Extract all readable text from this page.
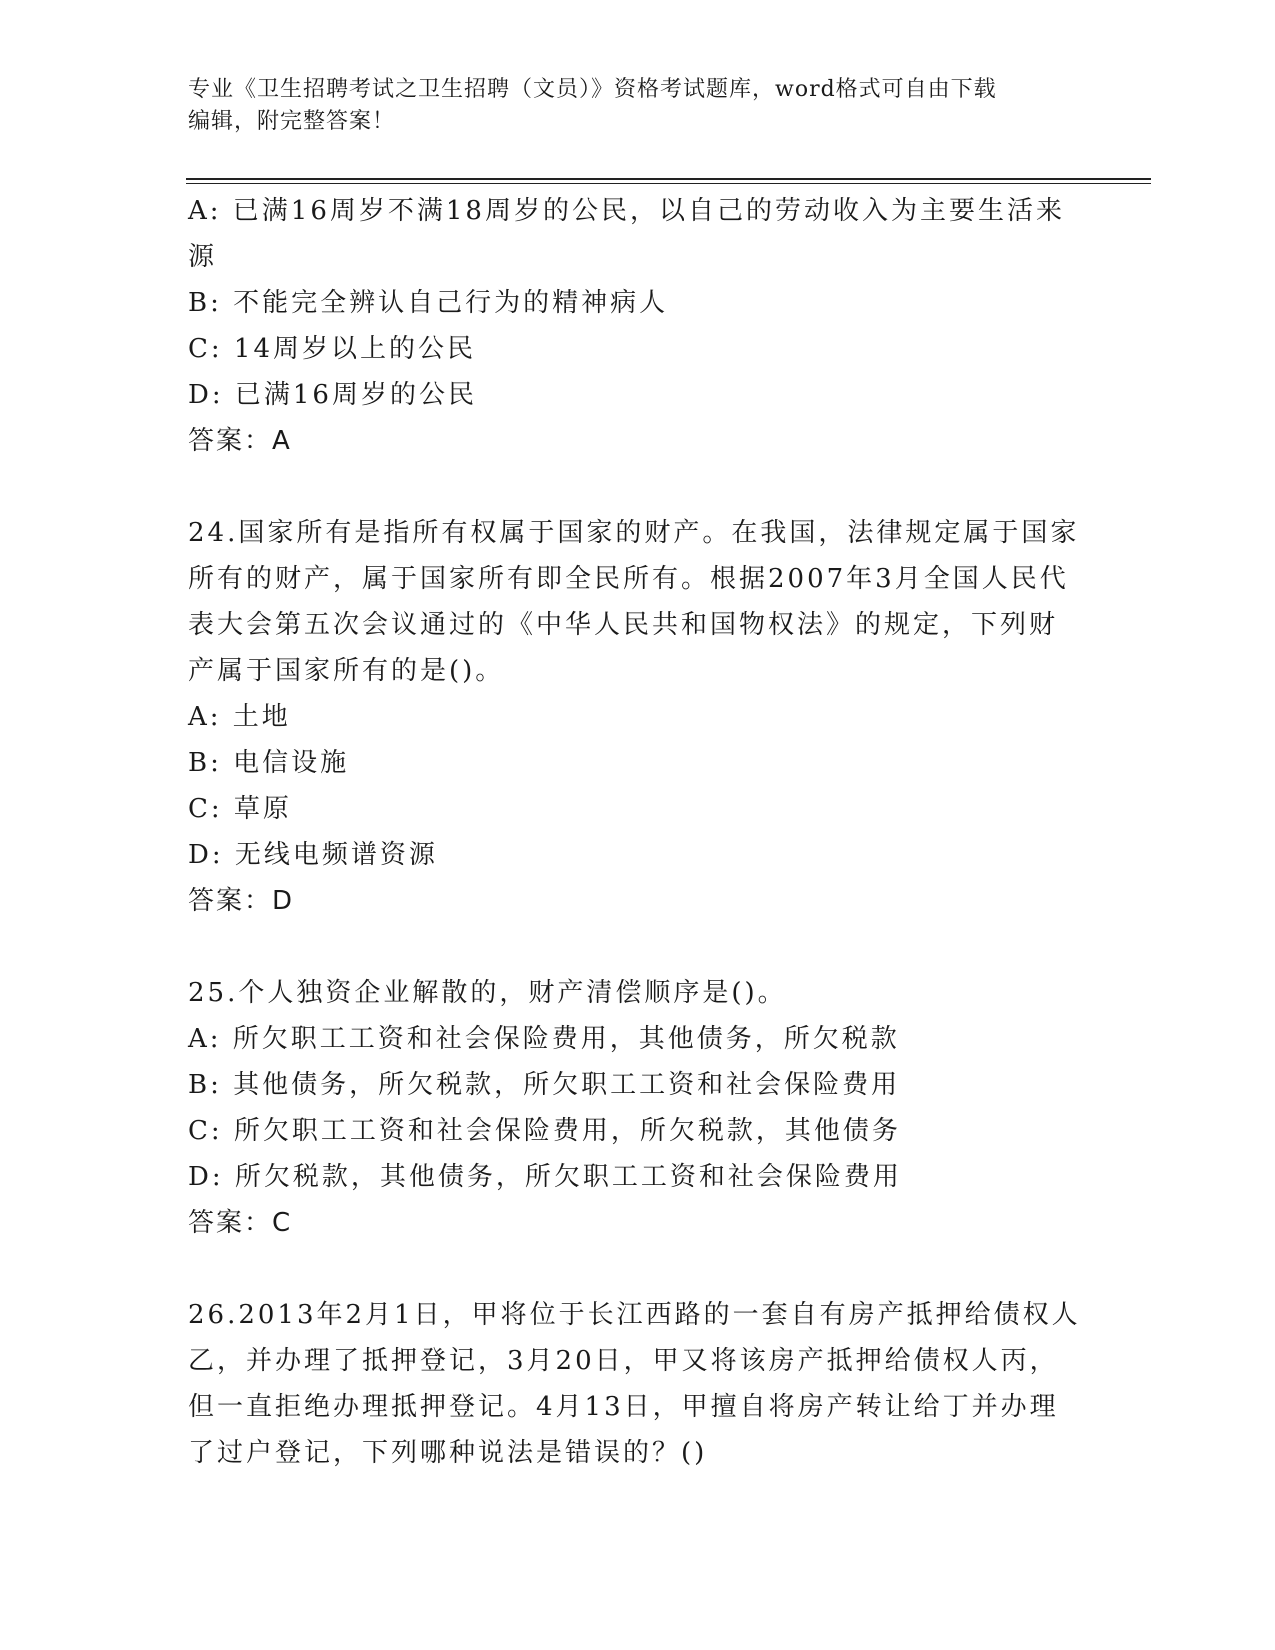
专业《卫生招聘考试之卫生招聘（文员）》资格考试题库，word格式可自由下载
编辑，附完整答案！
A: 已满16周岁不满18周岁的公民，以自己的劳动收入为主要生活来
源
B: 不能完全辨认自己行为的精神病人
C: 14周岁以上的公民
D: 已满16周岁的公民
答案：A
24.国家所有是指所有权属于国家的财产。在我国，法律规定属于国家
所有的财产，属于国家所有即全民所有。根据2007年3月全国人民代
表大会第五次会议通过的《中华人民共和国物权法》的规定，下列财
产属于国家所有的是()。
A: 土地
B: 电信设施
C: 草原
D: 无线电频谱资源
答案：D
25.个人独资企业解散的，财产清偿顺序是()。
A: 所欠职工工资和社会保险费用，其他债务，所欠税款
B: 其他债务，所欠税款，所欠职工工资和社会保险费用
C: 所欠职工工资和社会保险费用，所欠税款，其他债务
D: 所欠税款，其他债务，所欠职工工资和社会保险费用
答案：C
26.2013年2月1日，甲将位于长江西路的一套自有房产抵押给债权人
乙，并办理了抵押登记，3月20日，甲又将该房产抵押给债权人丙，
但一直拒绝办理抵押登记。4月13日，甲擅自将房产转让给丁并办理
了过户登记，下列哪种说法是错误的？()
